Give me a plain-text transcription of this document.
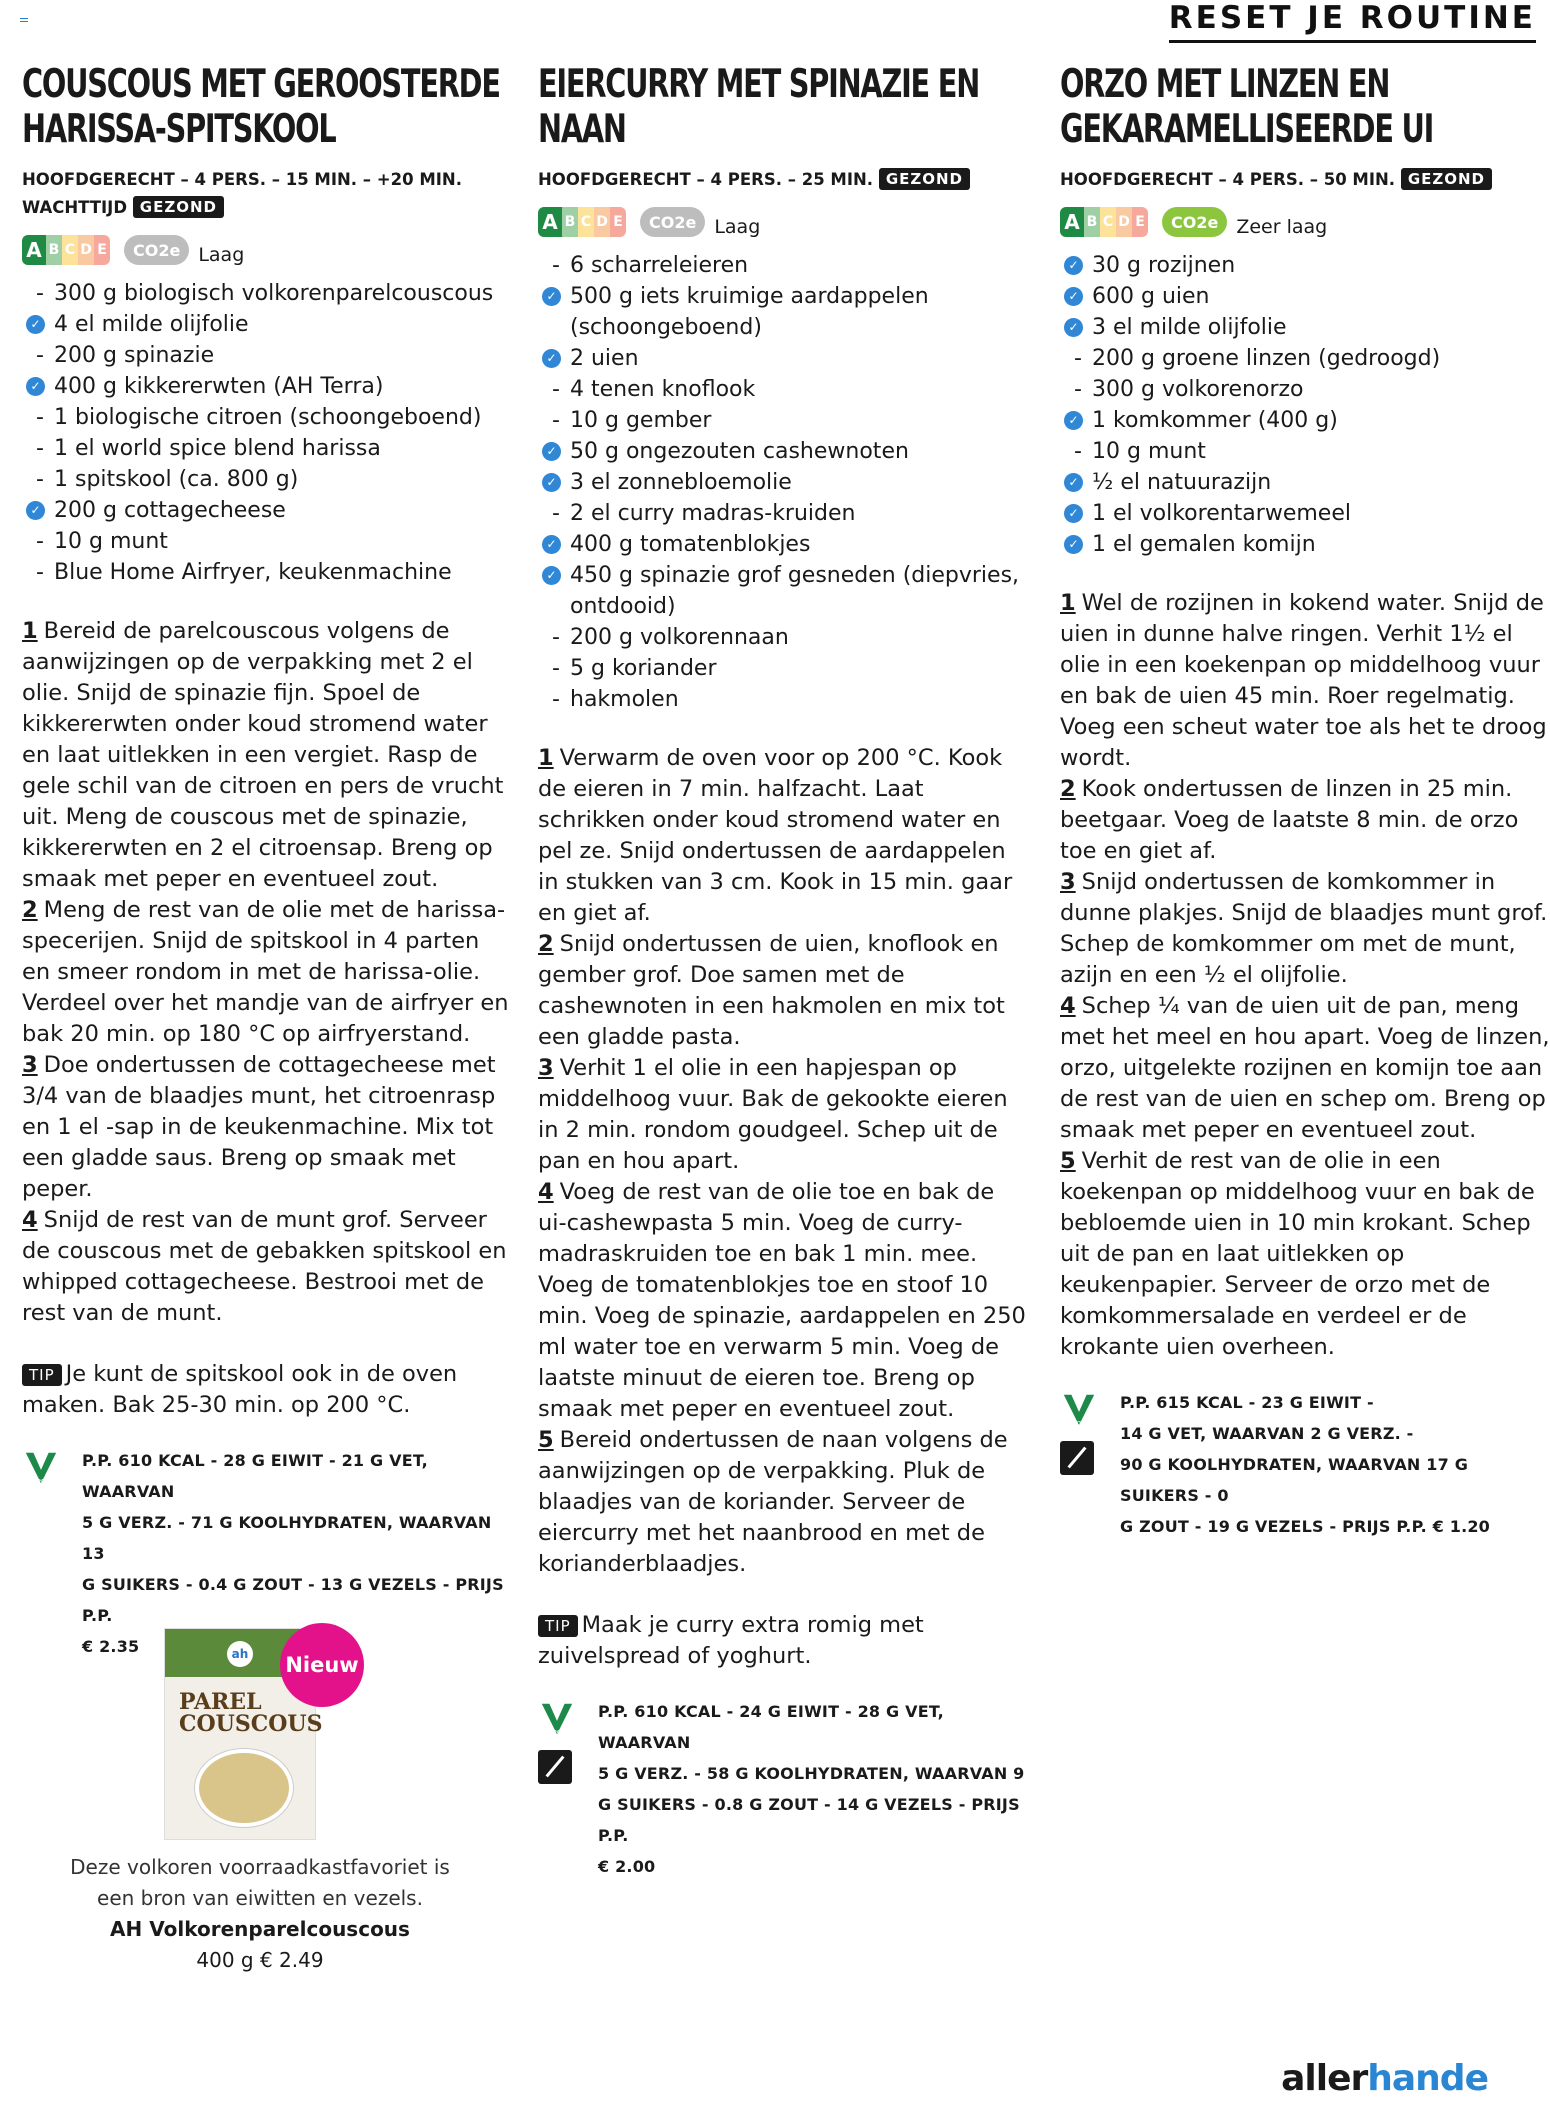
RESET JE ROUTINE
COUSCOUS MET GEROOSTERDE HARISSA-SPITSKOOL
HOOFDGERECHT – 4 PERS. – 15 MIN. – +20 MIN. WACHTTIJD GEZOND
A B C D E	CO2e Laag
- 300 g biologisch volkorenparelcouscous
✓ 4 el milde olijfolie
- 200 g spinazie
✓ 400 g kikkererwten (AH Terra)
- 1 biologische citroen (schoongeboend)
- 1 el world spice blend harissa
- 1 spitskool (ca. 800 g)
✓ 200 g cottagecheese
- 10 g munt
- Blue Home Airfryer, keukenmachine

1 Bereid de parelcouscous volgens de aanwijzingen op de verpakking met 2 el olie. Snijd de spinazie fijn. Spoel de kikkererwten onder koud stromend water en laat uitlekken in een vergiet. Rasp de gele schil van de citroen en pers de vrucht uit. Meng de couscous met de spinazie, kikkererwten en 2 el citroensap. Breng op smaak met peper en eventueel zout.

2 Meng de rest van de olie met de harissa-specerijen. Snijd de spitskool in 4 parten en smeer rondom in met de harissa-olie. Verdeel over het mandje van de airfryer en bak 20 min. op 180 °C op airfryerstand.

3 Doe ondertussen de cottagecheese met 3/4 van de blaadjes munt, het citroenrasp en 1 el -sap in de keukenmachine. Mix tot een gladde saus. Breng op smaak met peper.

4 Snijd de rest van de munt grof. Serveer de couscous met de gebakken spitskool en whipped cottagecheese. Bestrooi met de rest van de munt.

TIP Je kunt de spitskool ook in de oven maken. Bak 25-30 min. op 200 °C.
Vega
P.P. 610 KCAL - 28 G EIWIT - 21 G VET, WAARVAN
5 G VERZ. - 71 G KOOLHYDRATEN, WAARVAN 13
G SUIKERS - 0.4 G ZOUT - 13 G VEZELS - PRIJS P.P.
€ 2.35	ah
PAREL COUSCOUS
Nieuw
Deze volkoren voorraadkastfavoriet is een bron van eiwitten en vezels.
AH Volkorenparelcouscous
400 g € 2.49
EIERCURRY MET SPINAZIE EN NAAN
HOOFDGERECHT – 4 PERS. – 25 MIN. GEZOND
A B C D E	CO2e Laag
- 6 scharreleieren
✓ 500 g iets kruimige aardappelen (schoongeboend)
✓ 2 uien
- 4 tenen knoflook
- 10 g gember
✓ 50 g ongezouten cashewnoten
✓ 3 el zonnebloemolie
- 2 el curry madras-kruiden
✓ 400 g tomatenblokjes
✓ 450 g spinazie grof gesneden (diepvries, ontdooid)
- 200 g volkorennaan
- 5 g koriander
- hakmolen

1 Verwarm de oven voor op 200 °C. Kook de eieren in 7 min. halfzacht. Laat schrikken onder koud stromend water en pel ze. Snijd ondertussen de aardappelen in stukken van 3 cm. Kook in 15 min. gaar en giet af.

2 Snijd ondertussen de uien, knoflook en gember grof. Doe samen met de cashewnoten in een hakmolen en mix tot een gladde pasta.

3 Verhit 1 el olie in een hapjespan op middelhoog vuur. Bak de gekookte eieren in 2 min. rondom goudgeel. Schep uit de pan en hou apart.

4 Voeg de rest van de olie toe en bak de ui-cashewpasta 5 min. Voeg de curry-madraskruiden toe en bak 1 min. mee. Voeg de tomatenblokjes toe en stoof 10 min. Voeg de spinazie, aardappelen en 250 ml water toe en verwarm 5 min. Voeg de laatste minuut de eieren toe. Breng op smaak met peper en eventueel zout.

5 Bereid ondertussen de naan volgens de aanwijzingen op de verpakking. Pluk de blaadjes van de koriander. Serveer de eiercurry met het naanbrood en met de korianderblaadjes.

TIP Maak je curry extra romig met zuivelspread of yoghurt.
Vega
P.P. 610 KCAL - 24 G EIWIT - 28 G VET, WAARVAN
5 G VERZ. - 58 G KOOLHYDRATEN, WAARVAN 9
G SUIKERS - 0.8 G ZOUT - 14 G VEZELS - PRIJS P.P.
€ 2.00
ORZO MET LINZEN EN GEKARAMELLISEERDE UI
HOOFDGERECHT – 4 PERS. – 50 MIN. GEZOND
A B C D E	CO2e Zeer laag
✓ 30 g rozijnen
✓ 600 g uien
✓ 3 el milde olijfolie
- 200 g groene linzen (gedroogd)
- 300 g volkorenorzo
✓ 1 komkommer (400 g)
- 10 g munt
✓ ½ el natuurazijn
✓ 1 el volkorentarwemeel
✓ 1 el gemalen komijn

1 Wel de rozijnen in kokend water. Snijd de uien in dunne halve ringen. Verhit 1½ el olie in een koekenpan op middelhoog vuur en bak de uien 45 min. Roer regelmatig. Voeg een scheut water toe als het te droog wordt.

2 Kook ondertussen de linzen in 25 min. beetgaar. Voeg de laatste 8 min. de orzo toe en giet af.

3 Snijd ondertussen de komkommer in dunne plakjes. Snijd de blaadjes munt grof. Schep de komkommer om met de munt, azijn en een ½ el olijfolie.

4 Schep ¼ van de uien uit de pan, meng met het meel en hou apart. Voeg de linzen, orzo, uitgelekte rozijnen en komijn toe aan de rest van de uien en schep om. Breng op smaak met peper en eventueel zout.

5 Verhit de rest van de olie in een koekenpan op middelhoog vuur en bak de bebloemde uien in 10 min krokant. Schep uit de pan en laat uitlekken op keukenpapier. Serveer de orzo met de komkommersalade en verdeel er de krokante uien overheen.

Vegan
P.P. 615 KCAL - 23 G EIWIT -
14 G VET, WAARVAN 2 G VERZ. -
90 G KOOLHYDRATEN, WAARVAN 17 G SUIKERS - 0
G ZOUT - 19 G VEZELS - PRIJS P.P. € 1.20
allerhande
